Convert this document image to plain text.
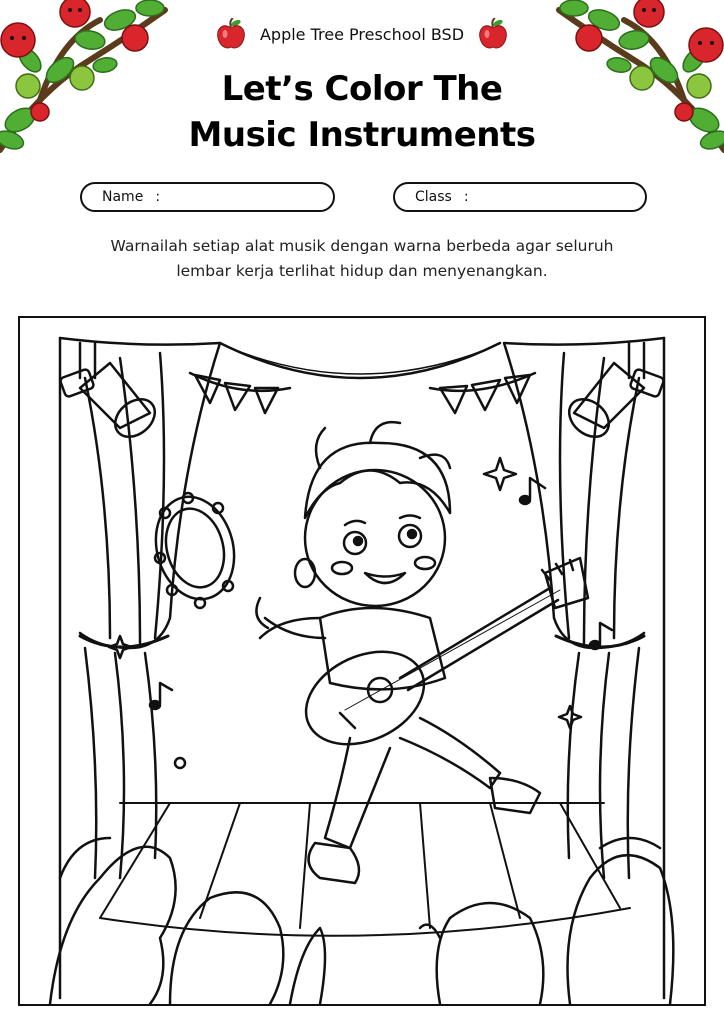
Apple Tree Preschool BSD
Let’s Color The
Music Instruments
Name :	Class :
Warnailah setiap alat musik dengan warna berbeda agar seluruh
lembar kerja terlihat hidup dan menyenangkan.
